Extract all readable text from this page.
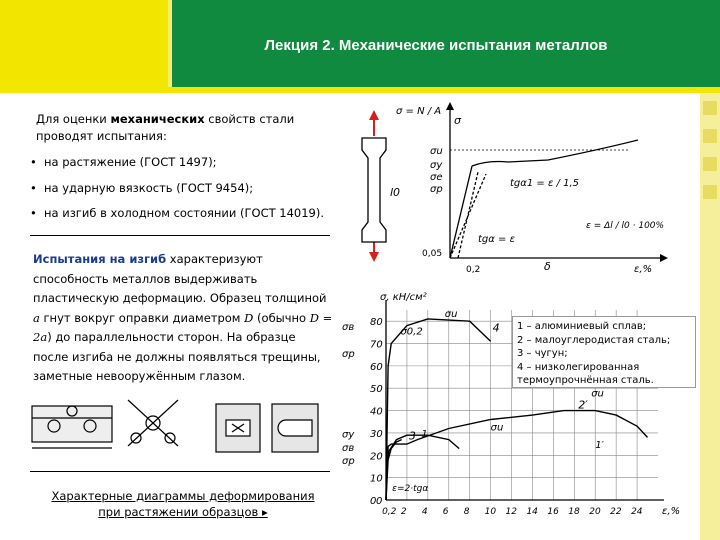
Лекция 2. Механические испытания металлов
Для оценки механических свойств стали проводят испытания:
• на растяжение (ГОСТ 1497);
• на ударную вязкость (ГОСТ 9454);
• на изгиб в холодном состоянии (ГОСТ 14019).
Испытания на изгиб характеризуют способность металлов выдерживать пластическую деформацию. Образец толщиной a гнут вокруг оправки диаметром D (обычно D = 2a) до параллельности сторон. На образце после изгиба не должны появляться трещины, заметные невооружённым глазом.
Характерные диаграммы деформирования
при растяжении образцов ▸
l0
σ = N / A
σ
σu
σy
σe
σp
tgα1 = ε / 1,5
tgα = ε
ε = Δl / l0 · 100%
0,05
0,2	δ	ε,%
0
10
20
30
40
50
60
70
80
0,2 2 4 6 8 10 12 14 16 18 20 22 24
0
σ, кН/см²
ε,%
4
σu
σ0,2
2′
σu
1′
σu
3 1
ε=2·tgα
σв
σр
σу
σр
σв
1 – алюминиевый сплав;
2 – малоуглеродистая сталь;
3 – чугун;
4 – низколегированная термоупрочнённая сталь.
